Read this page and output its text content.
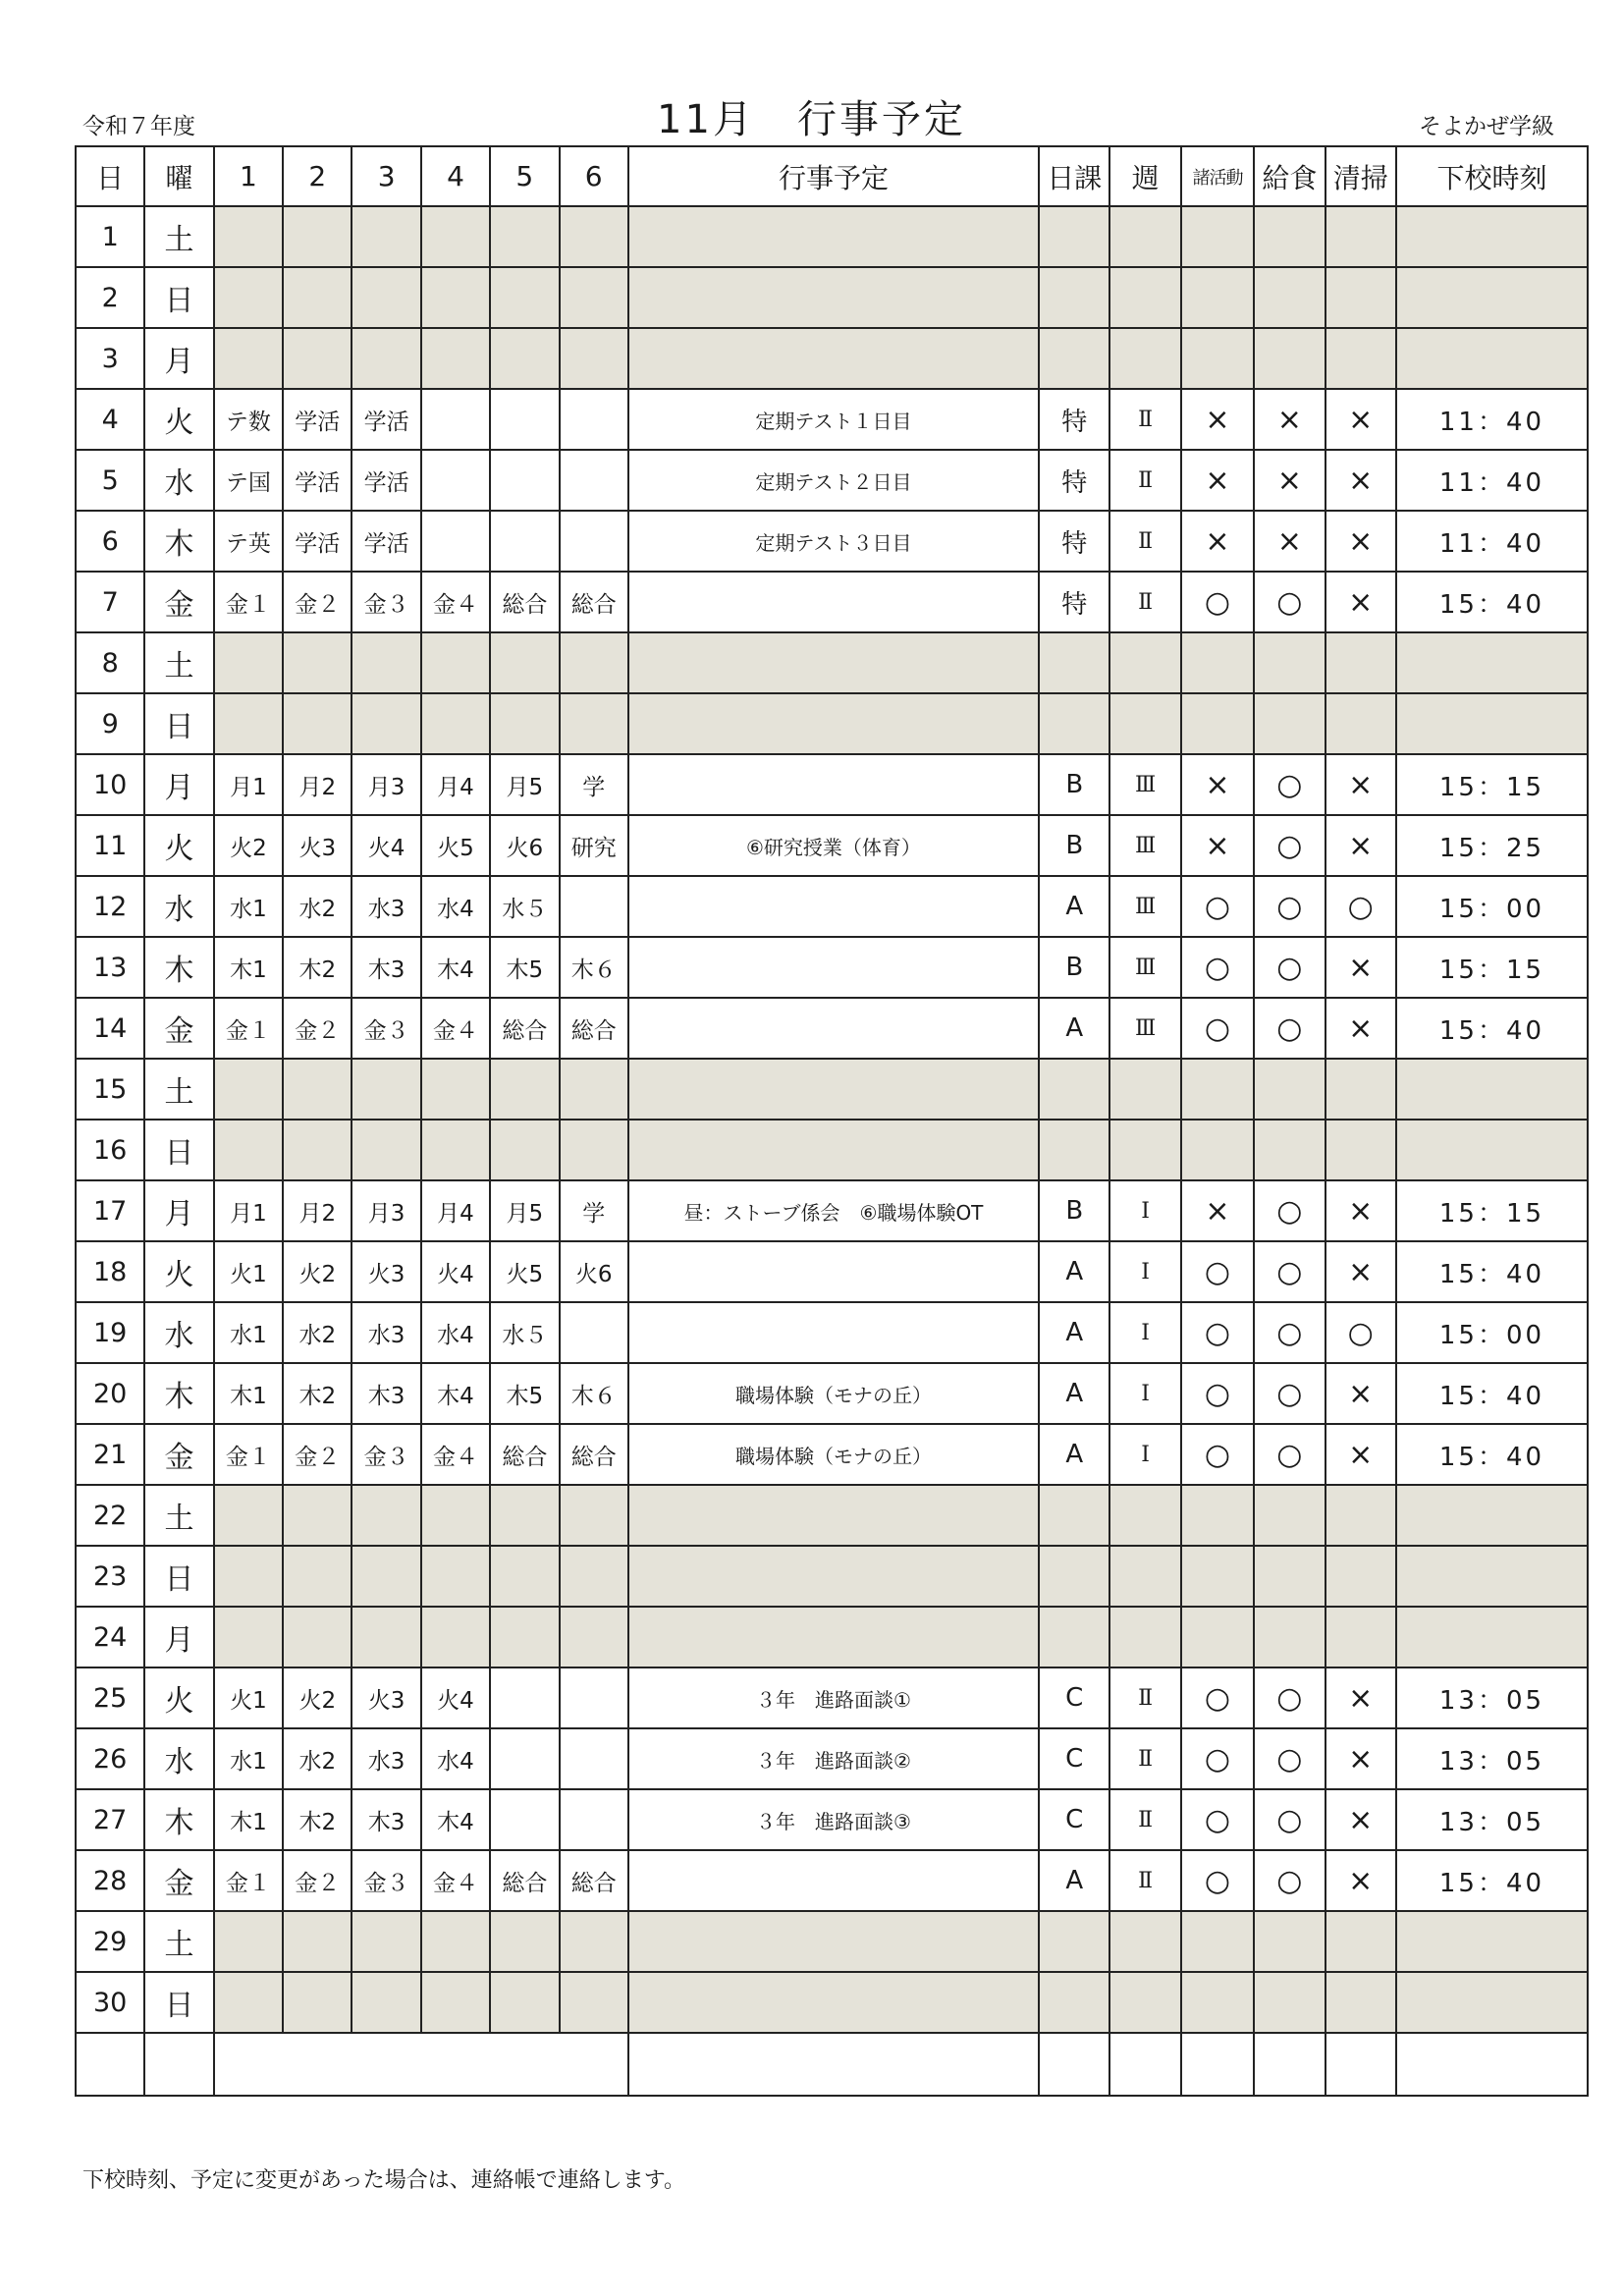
令和７年度	11月　行事予定	そよかぜ学級
日	曜	1	2	3	4	5	6	行事予定	日課	週	諸活動	給食	清掃	下校時刻
1	土													
2	日													
3	月													
4	火	テ数	学活	学活				定期テスト１日目	特	Ⅱ	×	×	×	11：40
5	水	テ国	学活	学活				定期テスト２日目	特	Ⅱ	×	×	×	11：40
6	木	テ英	学活	学活				定期テスト３日目	特	Ⅱ	×	×	×	11：40
7	金	金１	金２	金３	金４	総合	総合		特	Ⅱ	○	○	×	15：40
8	土													
9	日													
10	月	月1	月2	月3	月4	月5	学		B	Ⅲ	×	○	×	15：15
11	火	火2	火3	火4	火5	火6	研究	⑥研究授業（体育）	B	Ⅲ	×	○	×	15：25
12	水	水1	水2	水3	水4	水５			A	Ⅲ	○	○	○	15：00
13	木	木1	木2	木3	木4	木5	木６		B	Ⅲ	○	○	×	15：15
14	金	金１	金２	金３	金４	総合	総合		A	Ⅲ	○	○	×	15：40
15	土													
16	日													
17	月	月1	月2	月3	月4	月5	学	昼：ストーブ係会　⑥職場体験OT	B	Ⅰ	×	○	×	15：15
18	火	火1	火2	火3	火4	火5	火6		A	Ⅰ	○	○	×	15：40
19	水	水1	水2	水3	水4	水５			A	Ⅰ	○	○	○	15：00
20	木	木1	木2	木3	木4	木5	木６	職場体験（モナの丘）	A	Ⅰ	○	○	×	15：40
21	金	金１	金２	金３	金４	総合	総合	職場体験（モナの丘）	A	Ⅰ	○	○	×	15：40
22	土													
23	日													
24	月													
25	火	火1	火2	火3	火4			３年　進路面談①	C	Ⅱ	○	○	×	13：05
26	水	水1	水2	水3	水4			３年　進路面談②	C	Ⅱ	○	○	×	13：05
27	木	木1	木2	木3	木4			３年　進路面談③	C	Ⅱ	○	○	×	13：05
28	金	金１	金２	金３	金４	総合	総合		A	Ⅱ	○	○	×	15：40
29	土													
30	日													

下校時刻、予定に変更があった場合は、連絡帳で連絡します。
